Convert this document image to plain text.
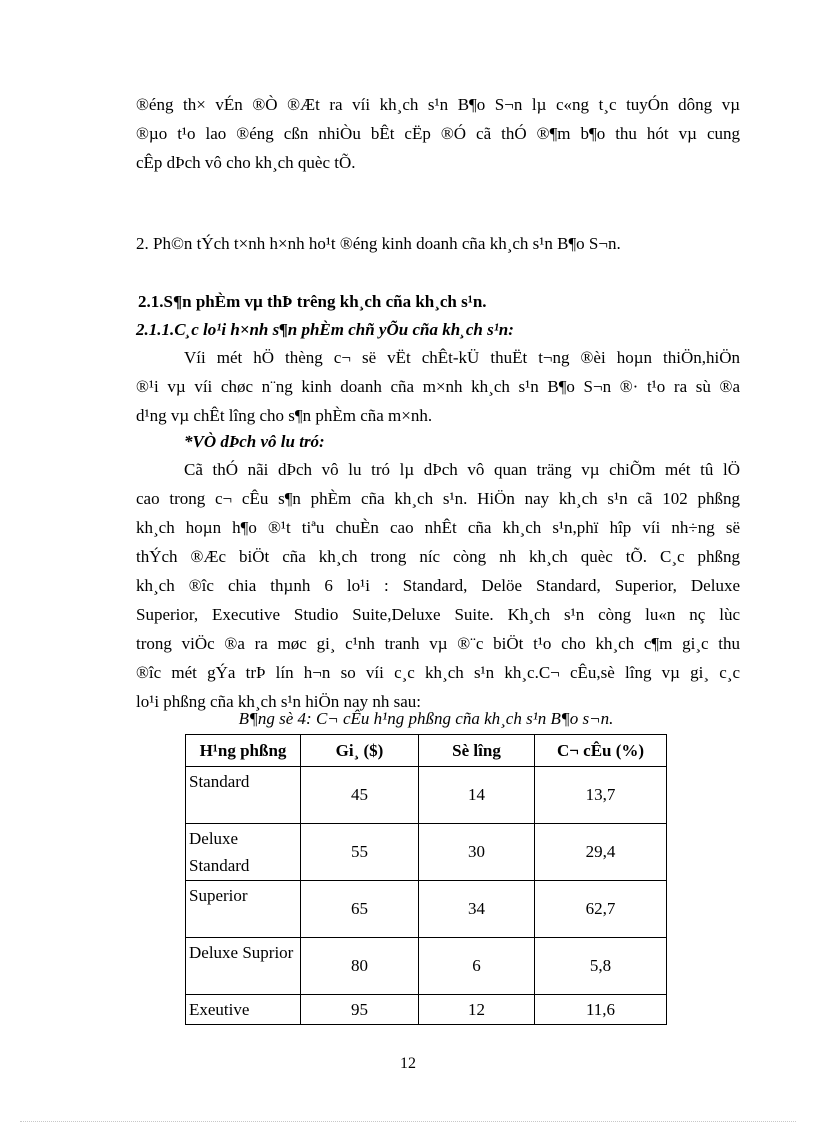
®éng th× vÉn ®Ò ®Æt ra víi kh¸ch s¹n B¶o S¬n lµ c«ng t¸c tuyÓn dông vµ
®µo t¹o lao ®éng cßn nhiÒu bÊt cËp ®Ó cã thÓ ®¶m b¶o thu hót vµ cung
cÊp dÞch vô cho kh¸ch quèc tÕ.

2. Ph©n tÝch t×nh h×nh ho¹t ®éng kinh doanh cña kh¸ch s¹n B¶o S¬n.

2.1.S¶n phÈm vµ thÞ trêng kh¸ch cña kh¸ch s¹n.

2.1.1.C¸c lo¹i h×nh s¶n phÈm chñ yÕu cña kh¸ch s¹n:

Víi mét hÖ thèng c¬ së vËt chÊt-kÜ thuËt t¬ng ®èi hoµn thiÖn,hiÖn
®¹i vµ víi chøc n¨ng kinh doanh cña m×nh kh¸ch s¹n B¶o S¬n ®· t¹o ra sù ®a
d¹ng vµ chÊt lîng cho s¶n phÈm cña m×nh.

*VÒ dÞch vô lu tró:

Cã thÓ nãi dÞch vô lu tró lµ dÞch vô quan träng vµ chiÕm mét tû lÖ
cao trong c¬ cÊu s¶n phÈm cña kh¸ch s¹n. HiÖn nay kh¸ch s¹n cã 102 phßng
kh¸ch hoµn h¶o ®¹t tiªu chuÈn cao nhÊt cña kh¸ch s¹n,phï hîp víi nh÷ng së
thÝch ®Æc biÖt cña kh¸ch trong níc còng nh kh¸ch quèc tÕ. C¸c phßng
kh¸ch ®îc chia thµnh 6 lo¹i : Standard, Delöe Standard, Superior, Deluxe
Superior, Executive Studio Suite,Deluxe Suite. Kh¸ch s¹n còng lu«n nç lùc
trong viÖc ®a ra møc gi¸ c¹nh tranh vµ ®¨c biÖt t¹o cho kh¸ch c¶m gi¸c thu
®îc mét gÝa trÞ lín h¬n so víi c¸c kh¸ch s¹n kh¸c.C¬ cÊu,sè lîng vµ gi¸ c¸c
lo¹i phßng cña kh¸ch s¹n hiÖn nay nh sau:

B¶ng sè 4: C¬ cÊu h¹ng phßng cña kh¸ch s¹n B¶o s¬n.

H¹ng phßng	Gi¸ ($)	Sè lîng	C¬ cÊu (%)
Standard	45	14	13,7
Deluxe Standard	55	30	29,4
Superior	65	34	62,7
Deluxe Suprior	80	6	5,8
Exeutive	95	12	11,6
12
